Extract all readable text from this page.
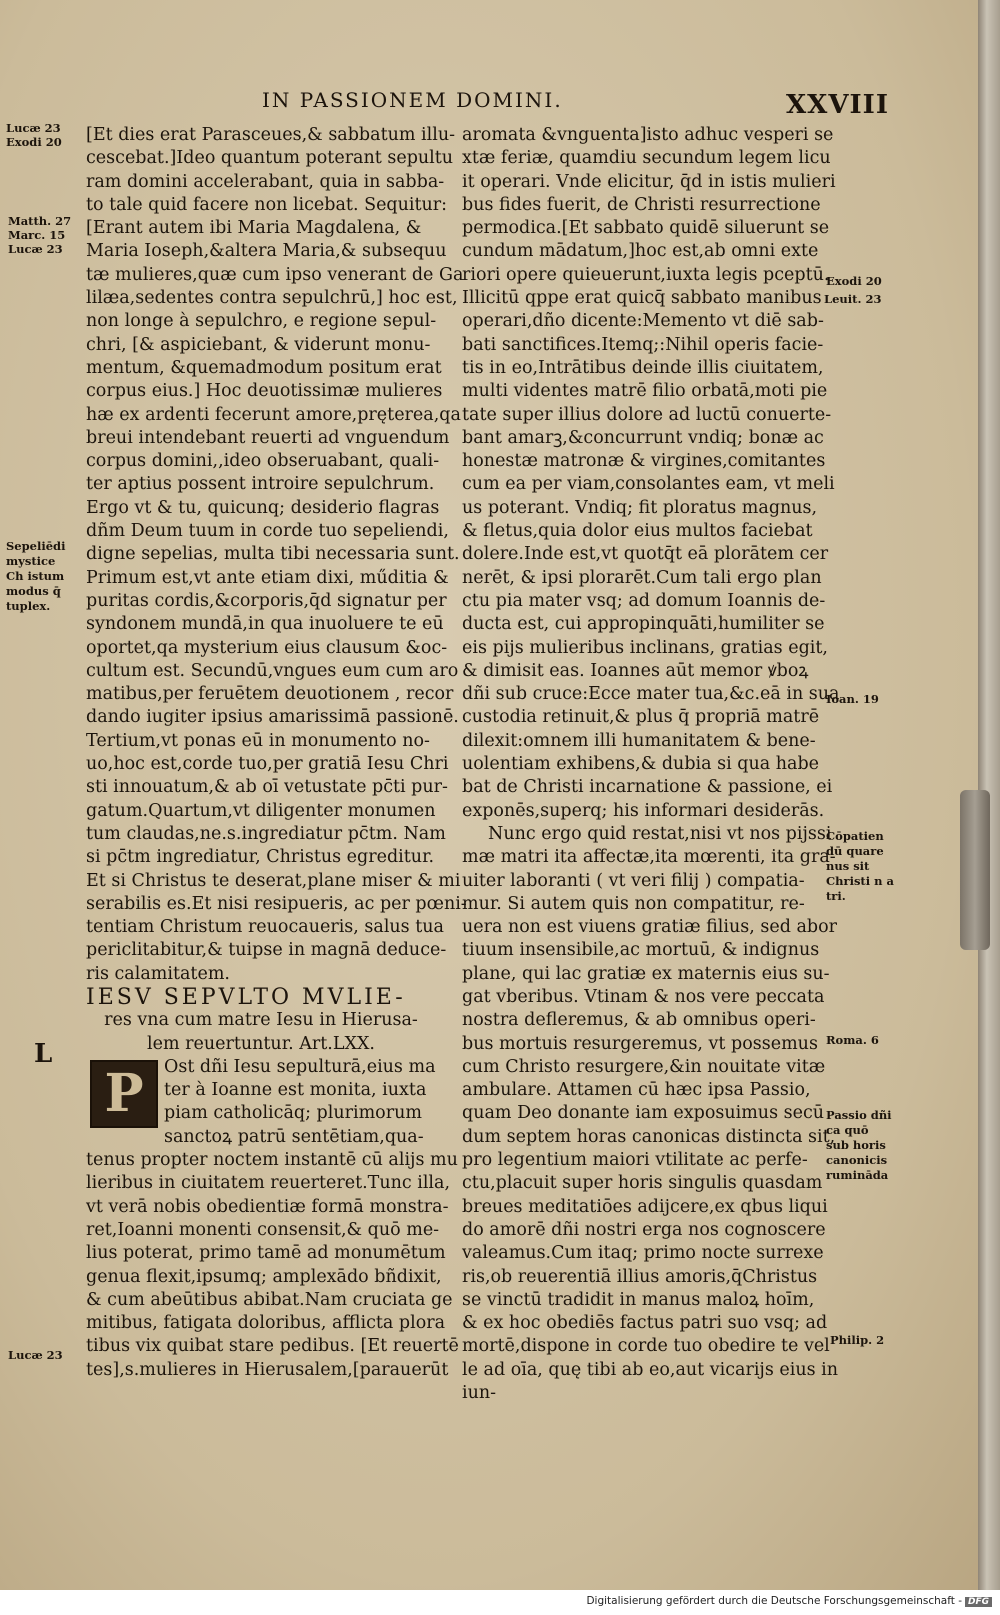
IN PASSIONEM DOMINI.	XXVIII
Lucæ 23
Exodi 20
Matth. 27
Marc. 15
Lucæ 23
Sepeliēdi
mystice
Ch istum
modus q̄
tuplex.
L
Lucæ 23
Exodi 20
Leuit. 23
Ioan. 19
Cōpatien
dū quare
nus sit
Christi n a
tri.
Roma. 6
Passio dñi
ca quō
sub horis
canonicis
rumināda
Philip. 2
[Et dies erat Parasceues,& sabbatum illu-
cescebat.]Ideo quantum poterant sepultu
ram domini accelerabant, quia in sabba-
to tale quid facere non licebat. Sequitur:
[Erant autem ibi Maria Magdalena, &
Maria Ioseph,&altera Maria,& subsequu
tæ mulieres,quæ cum ipso venerant de Ga
lilæa,sedentes contra sepulchrū,] hoc est,
non longe à sepulchro, e regione sepul-
chri, [& aspiciebant, & viderunt monu-
mentum, &quemadmodum positum erat
corpus eius.] Hoc deuotissimæ mulieres
hæ ex ardenti fecerunt amore,prętereа,qa
breui intendebant reuerti ad vnguendum
corpus domini,,ideo obseruabant, quali-
ter aptius possent introire sepulchrum.
Ergo vt & tu, quicunq; desiderio flagras
dñm Deum tuum in corde tuo sepeliendi,
digne sepelias, multa tibi necessaria sunt.
Primum est,vt ante etiam dixi, műditia &
puritas cordis,&corporis,q̄d signatur per
syndonem mundā,in qua inuoluere te eū
oportet,qa mysterium eius clausum &oc-
cultum est. Secundū,vngues eum cum aro
matibus,per feruētem deuotionem , recor
dando iugiter ipsius amarissimā passionē.
Tertium,vt ponas eū in monumento no-
uo,hoc est,corde tuo,per gratiā Iesu Chri
sti innouatum,& ab oī vetustate pc̄ti pur-
gatum.Quartum,vt diligenter monumen
tum claudas,ne.s.ingrediatur pc̄tm. Nam
si pc̄tm ingrediatur, Christus egreditur.
Et si Christus te deserat,plane miser & mi
serabilis es.Et nisi resipueris, ac per pœni-
tentiam Christum reuocaueris, salus tua
periclitabitur,& tuipse in magnā deduce-
ris calamitatem.
IESV SEPVLTO MVLIE-
res vna cum matre Iesu in Hierusa-
lem reuertuntur. Art.LXX.
P Ost dñi Iesu sepulturā,eius ma
ter à Ioanne est monita, iuxta
piam catholicāq; plurimorum
sanctoꝝ patrū sentētiam,qua-
tenus propter noctem instantē cū alijs mu
lieribus in ciuitatem reuerteret.Tunc illa,
vt verā nobis obedientiæ formā monstra-
ret,Ioanni monenti consensit,& quō me-
lius poterat, primo tamē ad monumētum
genua flexit,ipsumq; amplexādo bñdixit,
& cum abeūtibus abibat.Nam cruciata ge
mitibus, fatigata doloribus, afflicta plora
tibus vix quibat stare pedibus. [Et reuertē
tes],s.mulieres in Hierusalem,[parauerūt
aromata &vnguenta]isto adhuc vesperi se
xtæ feriæ, quamdiu secundum legem licu
it operari. Vnde elicitur, q̄d in istis mulieri
bus fides fuerit, de Christi resurrectione
permodica.[Et sabbato quidē siluerunt se
cundum mādatum,]hoc est,ab omni exte
riori opere quieuerunt,iuxta legis pceptū.
Illicitū qppe erat quicq̄ sabbato manibus
operari,dño dicente:Memento vt diē sab-
bati sanctifices.Itemq;:Nihil operis facie-
tis in eo,Intrātibus deinde illis ciuitatem,
multi videntes matrē filio orbatā,moti pie
tate super illius dolore ad luctū conuerte-
bant amarꝫ,&concurrunt vndiq; bonæ ac
honestæ matronæ & virgines,comitantes
cum ea per viam,consolantes eam, vt meli
us poterant. Vndiq; fit ploratus magnus,
& fletus,quia dolor eius multos faciebat
dolere.Inde est,vt quotq̄t eā plorātem cer
nerēt, & ipsi plorarēt.Cum tali ergo plan
ctu pia mater vsq; ad domum Ioannis de-
ducta est, cui appropinquāti,humiliter se
eis pijs mulieribus inclinans, gratias egit,
& dimisit eas. Ioannes aūt memor ꝟboꝝ
dñi sub cruce:Ecce mater tua,&c.eā in sua
custodia retinuit,& plus q̄ propriā matrē
dilexit:omnem illi humanitatem & bene-
uolentiam exhibens,& dubia si qua habe
bat de Christi incarnatione & passione, ei
exponēs,superq; his informari desiderās.
Nunc ergo quid restat,nisi vt nos pijssi
mæ matri ita affectæ,ita mœrenti, ita gra-
uiter laboranti ( vt veri filij ) compatia-
mur. Si autem quis non compatitur, re-
uera non est viuens gratiæ filius, sed abor
tiuum insensibile,ac mortuū, & indignus
plane, qui lac gratiæ ex maternis eius su-
gat vberibus. Vtinam & nos vere peccata
nostra defleremus, & ab omnibus operi-
bus mortuis resurgeremus, vt possemus
cum Christo resurgere,&in nouitate vitæ
ambulare. Attamen cū hæc ipsa Passio,
quam Deo donante iam exposuimus secū
dum septem horas canonicas distincta sit,
pro legentium maiori vtilitate ac perfe-
ctu,placuit super horis singulis quasdam
breues meditatiōes adijcere,ex qbus liqui
do amorē dñi nostri erga nos cognoscere
valeamus.Cum itaq; primo nocte surrexe
ris,ob reuerentiā illius amoris,q̄Christus
se vinctū tradidit in manus maloꝝ hoīm,
& ex hoc obediēs factus patri suo vsq; ad
mortē,dispone in corde tuo obedire te vel
le ad oīa, quę tibi ab eo,aut vicarijs eius in
iun-
Digitalisierung gefördert durch die Deutsche Forschungsgemeinschaft - DFG
